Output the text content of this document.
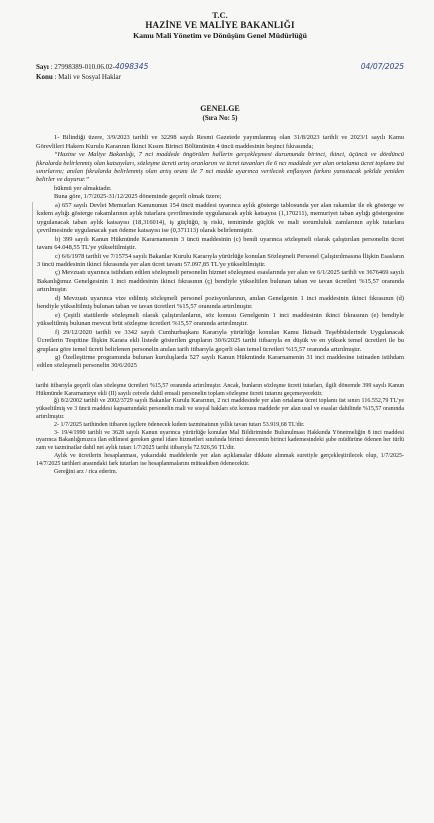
T.C.
HAZİNE VE MALİYE BAKANLIĞI
Kamu Mali Yönetim ve Dönüşüm Genel Müdürlüğü
Sayı : 27998389-010.06.02-4098345
Konu : Mali ve Sosyal Haklar
04/07/2025
GENELGE
(Sıra No: 5)

1- Bilindiği üzere, 3/9/2023 tarihli ve 32298 sayılı Resmi Gazetede yayımlanmış olan 31/8/2023 tarihli ve 2023/1 sayılı Kamu Görevlileri Hakem Kurulu Kararının İkinci Kısım Birinci Bölümünün 4 üncü maddesinin beşinci fıkrasında;

“Hazine ve Maliye Bakanlığı, 7 nci maddede öngörülen hallerin gerçekleşmesi durumunda birinci, ikinci, üçüncü ve dördüncü fıkralarda belirlenmiş olan katsayıları, sözleşme ücreti artış oranlarını ve ücret tavanları ile 6 ncı maddede yer alan ortalama ücret toplamı üst sınırlarını; anılan fıkralarda belirlenmiş olan artış oranı ile 7 nci madde uyarınca verilecek enflasyon farkını yansıtacak şekilde yeniden belirler ve duyurur.”

hükmü yer almaktadır.

Buna göre, 1/7/2025-31/12/2025 döneminde geçerli olmak üzere;

a) 657 sayılı Devlet Memurları Kanununun 154 üncü maddesi uyarınca aylık gösterge tablosunda yer alan rakamlar ile ek gösterge ve kıdem aylığı gösterge rakamlarının aylık tutarlara çevrilmesinde uygulanacak aylık katsayısı (1,170211), memuriyet taban aylığı göstergesine uygulanacak taban aylık katsayısı (18,316014), iş güçlüğü, iş riski, temininde güçlük ve mali sorumluluk zamlarının aylık tutarlara çevrilmesinde uygulanacak yan ödeme katsayısı ise (0,371113) olarak belirlenmiştir.

b) 399 sayılı Kanun Hükmünde Kararnamenin 3 üncü maddesinin (c) bendi uyarınca sözleşmeli olarak çalıştırılan personelin ücret tavanı 64.048,55 TL'ye yükseltilmiştir.

c) 6/6/1978 tarihli ve 7/15754 sayılı Bakanlar Kurulu Kararıyla yürürlüğe konulan Sözleşmeli Personel Çalıştırılmasına İlişkin Esasların 3 üncü maddesinin ikinci fıkrasında yer alan ücret tavanı 57.097,85 TL'ye yükseltilmiştir.

ç) Mevzuatı uyarınca istihdam edilen sözleşmeli personelin hizmet sözleşmesi esaslarında yer alan ve 6/1/2025 tarihli ve 3676469 sayılı Bakanlığımız Genelgesinin 1 inci maddesinin ikinci fıkrasının (ç) bendiyle yükseltilen bulunan taban ve tavan ücretleri %15,57 oranında artırılmıştır.

d) Mevzuatı uyarınca vize edilmiş sözleşmeli personel pozisyonlarının, anılan Genelgenin 1 inci maddesinin ikinci fıkrasının (d) bendiyle yükseltilmiş bulunan taban ve tavan ücretleri %15,57 oranında artırılmıştır.

e) Çeşitli statülerde sözleşmeli olarak çalıştırılanların, söz konusu Genelgenin 1 inci maddesinin ikinci fıkrasının (e) bendiyle yükseltilmiş bulunan mevcut brüt sözleşme ücretleri %15,57 oranında artırılmıştır.

f) 29/12/2020 tarihli ve 3342 sayılı Cumhurbaşkanı Kararıyla yürürlüğe konulan Kamu İktisadi Teşebbüslerinde Uygulanacak Ücretlerin Tespitine İlişkin Karara ekli listede gösterilen grupların 30/6/2025 tarihi itibarıyla en düşük ve en yüksek temel ücretleri ile bu gruplara göre temel ücreti belirlenen personelin anılan tarih itibarıyla geçerli olan temel ücretleri %15,57 oranında artırılmıştır.

g) Özelleştirme programında bulunan kuruluşlarda 527 sayılı Kanun Hükmünde Kararnamenin 31 inci maddesine istinaden istihdam edilen sözleşmeli personelin 30/6/2025

tarihi itibarıyla geçerli olan sözleşme ücretleri %15,57 oranında artırılmıştır. Ancak, bunların sözleşme ücreti tutarları, ilgili dönemde 399 sayılı Kanun Hükmünde Kararnameye ekli (II) sayılı cetvele dahil emsali personelin toplam sözleşme ücreti tutarını geçemeyecektir.

ğ) 8/2/2002 tarihli ve 2002/3729 sayılı Bakanlar Kurulu Kararının, 2 nci maddesinde yer alan ortalama ücret toplamı üst sınırı 116.552,79 TL'ye yükseltilmiş ve 3 üncü maddesi kapsamındaki personelin mali ve sosyal hakları söz konusu maddede yer alan usul ve esaslar dahilinde %15,57 oranında artırılmıştır.

2- 1/7/2025 tarihinden itibaren işçilere ödenecek kıdem tazminatının yıllık tavan tutarı 53.919,68 TL'dir.

3- 19/4/1990 tarihli ve 3628 sayılı Kanun uyarınca yürürlüğe konulan Mal Bildiriminde Bulunulması Hakkında Yönetmeliğin 8 inci maddesi uyarınca Bakanlığımızca ilan edilmesi gereken genel idare hizmetleri sınıfında birinci derecenin birinci kademesindeki şube müdürüne ödenen her türlü zam ve tazminatlar dahil net aylık tutarı 1/7/2025 tarihi itibarıyla 72.926,56 TL'dir.

Aylık ve ücretlerin hesaplanması, yukarıdaki maddelerde yer alan açıklamalar dikkate alınmak suretiyle gerçekleştirilecek olup, 1/7/2025-14/7/2025 tarihleri arasındaki fark tutarları ise hesaplanmalarını müteakiben ödenecektir.

Gereğini arz / rica ederim.
